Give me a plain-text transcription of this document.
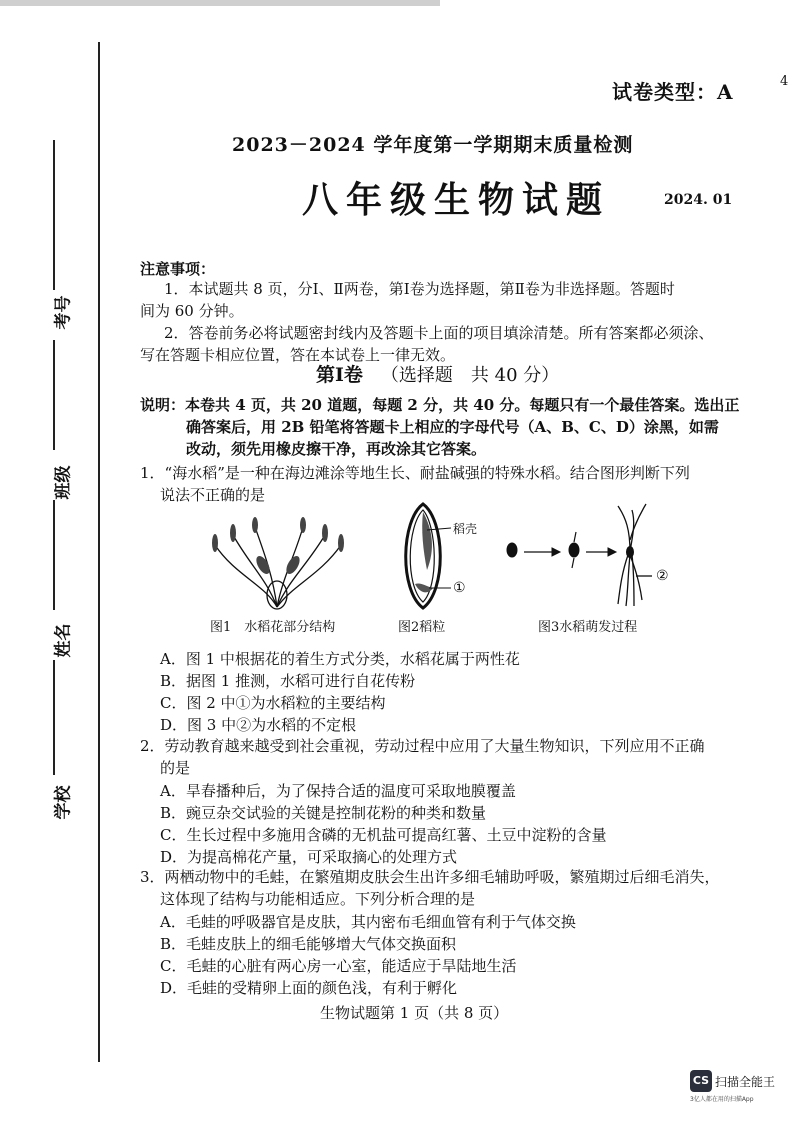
4
试卷类型：A
2023－2024 学年度第一学期期末质量检测
八年级生物试题	2024. 01
考号
班级
姓名
学校
注意事项：
1．本试题共 8 页，分Ⅰ、Ⅱ两卷，第Ⅰ卷为选择题，第Ⅱ卷为非选择题。答题时
间为 60 分钟。
2．答卷前务必将试题密封线内及答题卡上面的项目填涂清楚。所有答案都必须涂、
写在答题卡相应位置，答在本试卷上一律无效。
第Ⅰ卷 （选择题　共 40 分）
说明：本卷共 4 页，共 20 道题，每题 2 分，共 40 分。每题只有一个最佳答案。选出正
确答案后，用 2B 铅笔将答题卡上相应的字母代号（A、B、C、D）涂黑，如需
改动，须先用橡皮擦干净，再改涂其它答案。
1．“海水稻”是一种在海边滩涂等地生长、耐盐碱强的特殊水稻。结合图形判断下列
说法不正确的是
图1　水稻花部分结构
稻壳
①
图2稻粒
②
图3水稻萌发过程
A．图 1 中根据花的着生方式分类，水稻花属于两性花
B．据图 1 推测，水稻可进行自花传粉
C．图 2 中①为水稻粒的主要结构
D．图 3 中②为水稻的不定根
2．劳动教育越来越受到社会重视，劳动过程中应用了大量生物知识，下列应用不正确
的是
A．旱春播种后，为了保持合适的温度可采取地膜覆盖
B．豌豆杂交试验的关键是控制花粉的种类和数量
C．生长过程中多施用含磷的无机盐可提高红薯、土豆中淀粉的含量
D．为提高棉花产量，可采取摘心的处理方式
3．两栖动物中的毛蛙，在繁殖期皮肤会生出许多细毛辅助呼吸，繁殖期过后细毛消失，
这体现了结构与功能相适应。下列分析合理的是
A．毛蛙的呼吸器官是皮肤，其内密布毛细血管有利于气体交换
B．毛蛙皮肤上的细毛能够增大气体交换面积
C．毛蛙的心脏有两心房一心室，能适应于旱陆地生活
D．毛蛙的受精卵上面的颜色浅，有利于孵化
生物试题第 1 页（共 8 页）
CS 扫描全能王
3亿人都在用的扫描App
